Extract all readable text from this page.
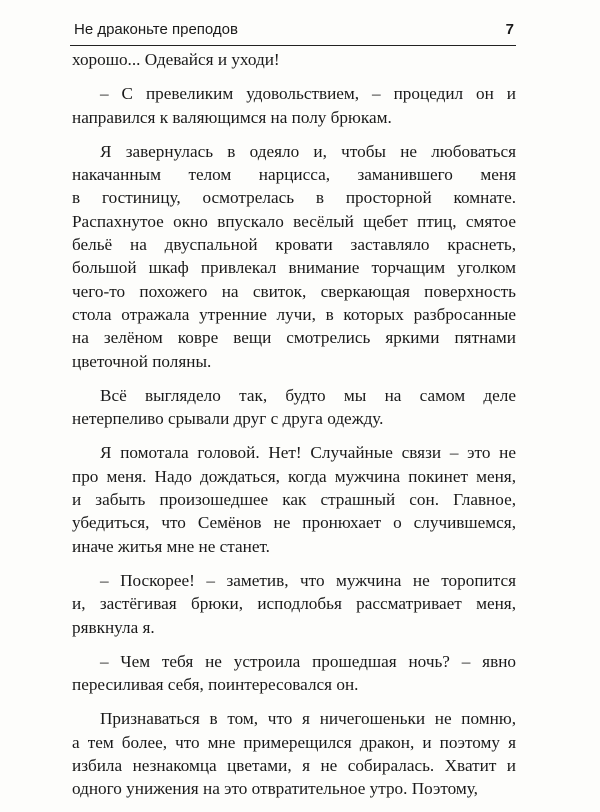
Не драконьте преподов	7
хорошо... Одевайся и уходи!
– С превеликим удовольствием, – процедил он и
направился к валяющимся на полу брюкам.
Я завернулась в одеяло и, чтобы не любоваться
накачанным телом нарцисса, заманившего меня
в гостиницу, осмотрелась в просторной комнате.
Распахнутое окно впускало весёлый щебет птиц, смятое
бельё на двуспальной кровати заставляло краснеть,
большой шкаф привлекал внимание торчащим уголком
чего-то похожего на свиток, сверкающая поверхность
стола отражала утренние лучи, в которых разбросанные
на зелёном ковре вещи смотрелись яркими пятнами
цветочной поляны.
Всё выглядело так, будто мы на самом деле
нетерпеливо срывали друг с друга одежду.
Я помотала головой. Нет! Случайные связи – это не
про меня. Надо дождаться, когда мужчина покинет меня,
и забыть произошедшее как страшный сон. Главное,
убедиться, что Семёнов не пронюхает о случившемся,
иначе житья мне не станет.
– Поскорее! – заметив, что мужчина не торопится
и, застёгивая брюки, исподлобья рассматривает меня,
рявкнула я.
– Чем тебя не устроила прошедшая ночь? – явно
пересиливая себя, поинтересовался он.
Признаваться в том, что я ничегошеньки не помню,
а тем более, что мне примерещился дракон, и поэтому я
избила незнакомца цветами, я не собиралась. Хватит и
одного унижения на это отвратительное утро. Поэтому,
